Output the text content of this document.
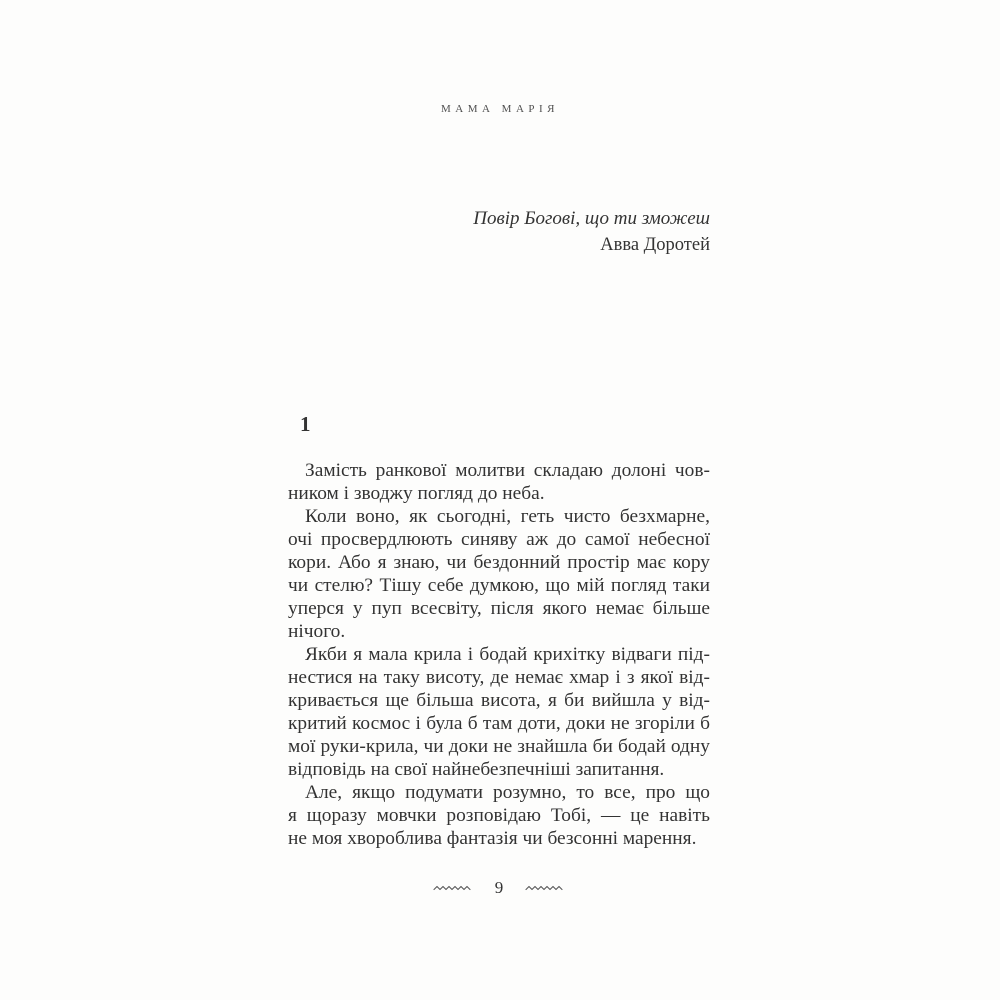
МАМА МАРІЯ
Повір Богові, що ти зможеш
Авва Доротей
1
Замість ранкової молитви складаю долоні чов-
ником і зводжу погляд до неба.
Коли воно, як сьогодні, геть чисто безхмарне,
очі просвердлюють синяву аж до самої небесної
кори. Або я знаю, чи бездонний простір має кору
чи стелю? Тішу себе думкою, що мій погляд таки
уперся у пуп всесвіту, після якого немає більше
нічого.
Якби я мала крила і бодай крихітку відваги під-
нестися на таку висоту, де немає хмар і з якої від-
кривається ще більша висота, я би вийшла у від-
критий космос і була б там доти, доки не згоріли б
мої руки-крила, чи доки не знайшла би бодай одну
відповідь на свої найнебезпечніші запитання.
Але, якщо подумати розумно, то все, про що
я щоразу мовчки розповідаю Тобі, — це навіть
не моя хвороблива фантазія чи безсонні марення.
9
